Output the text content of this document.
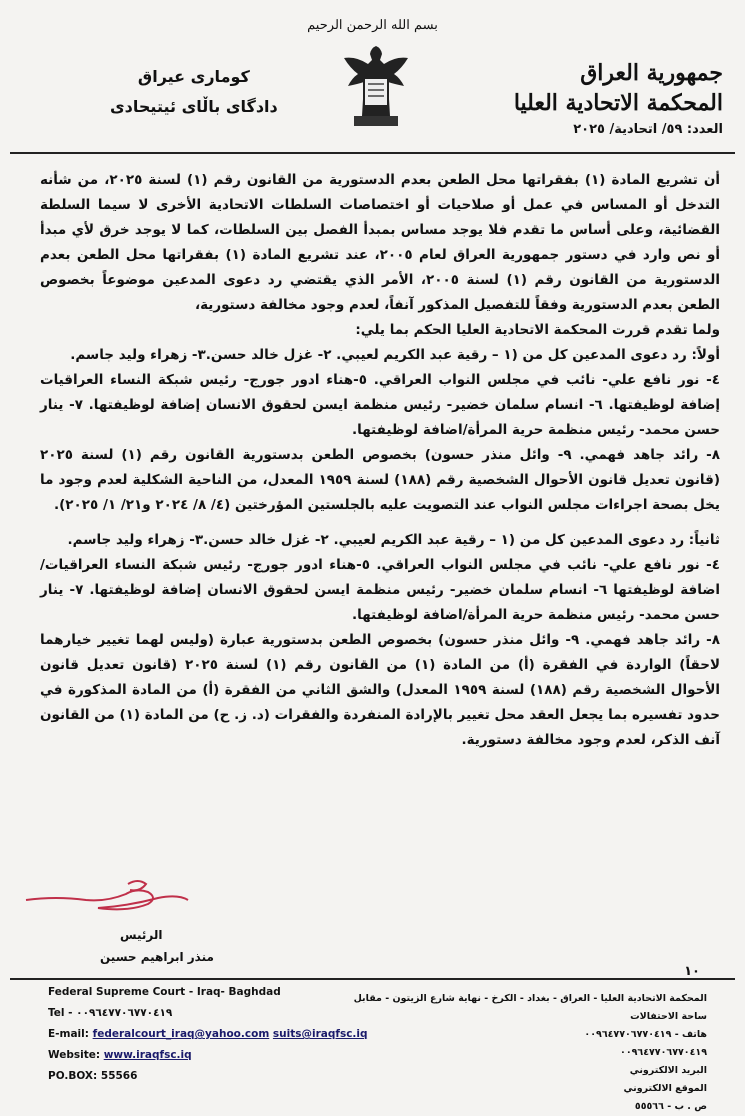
بسم الله الرحمن الرحيم
جمهورية العراق
المحكمة الاتحادية العليا
العدد: ٥٩/ اتحادية/ ٢٠٢٥
كومارى عيراق
دادگای باڵای ئیتیحادی

أن تشريع المادة (١) بفقراتها محل الطعن بعدم الدستورية من القانون رقم (١) لسنة ٢٠٢٥، من شأنه التدخل أو المساس في عمل أو صلاحيات أو اختصاصات السلطات الاتحادية الأخرى لا سيما السلطة القضائية، وعلى أساس ما تقدم فلا يوجد مساس بمبدأ الفصل بين السلطات، كما لا يوجد خرق لأي مبدأ أو نص وارد في دستور جمهورية العراق لعام ٢٠٠٥، عند تشريع المادة (١) بفقراتها محل الطعن بعدم الدستورية من القانون رقم (١) لسنة ٢٠٠٥، الأمر الذي يقتضي رد دعوى المدعين موضوعاً بخصوص الطعن بعدم الدستورية وفقاً للتفصيل المذكور آنفاً، لعدم وجود مخالفة دستورية،

ولما تقدم قررت المحكمة الاتحادية العليا الحكم بما يلي:

أولاً: رد دعوى المدعين كل من (١ – رقية عبد الكريم لعيبي. ٢- غزل خالد حسن.٣- زهراء وليد جاسم.

٤- نور نافع علي- نائب في مجلس النواب العراقي. ٥-هناء ادور جورج- رئيس شبكة النساء العراقيات إضافة لوظيفتها. ٦- انسام سلمان خضير- رئيس منظمة ايسن لحقوق الانسان إضافة لوظيفتها. ٧- ينار حسن محمد- رئيس منظمة حرية المرأة/اضافة لوظيفتها.

٨- رائد جاهد فهمي. ٩- وائل منذر حسون) بخصوص الطعن بدستورية القانون رقم (١) لسنة ٢٠٢٥ (قانون تعديل قانون الأحوال الشخصية رقم (١٨٨) لسنة ١٩٥٩ المعدل، من الناحية الشكلية لعدم وجود ما يخل بصحة اجراءات مجلس النواب عند التصويت عليه بالجلستين المؤرختين (٤/ ٨/ ٢٠٢٤ و٢١/ ١/ ٢٠٢٥).

ثانياً: رد دعوى المدعين كل من (١ – رقية عبد الكريم لعيبي. ٢- غزل خالد حسن.٣- زهراء وليد جاسم.

٤- نور نافع علي- نائب في مجلس النواب العراقي. ٥-هناء ادور جورج- رئيس شبكة النساء العراقيات/اضافة لوظيفتها ٦- انسام سلمان خضير- رئيس منظمة ايسن لحقوق الانسان إضافة لوظيفتها. ٧- ينار حسن محمد- رئيس منظمة حرية المرأة/اضافة لوظيفتها.

٨- رائد جاهد فهمي. ٩- وائل منذر حسون) بخصوص الطعن بدستورية عبارة (وليس لهما تغيير خيارهما لاحقاً) الواردة في الفقرة (أ) من المادة (١) من القانون رقم (١) لسنة ٢٠٢٥ (قانون تعديل قانون الأحوال الشخصية رقم (١٨٨) لسنة ١٩٥٩ المعدل) والشق الثاني من الفقرة (أ) من المادة المذكورة في حدود تفسيره بما يجعل العقد محل تغيير بالإرادة المنفردة والفقرات (د. ز. ح) من المادة (١) من القانون آنف الذكر، لعدم وجود مخالفة دستورية.

الرئيس
منذر ابراهيم حسين
١٠
Federal Supreme Court - Iraq- Baghdad
Tel - ٠٠٩٦٤٧٧٠٦٧٧٠٤١٩
E-mail: federalcourt_iraq@yahoo.com suits@iraqfsc.iq
Website: www.iraqfsc.iq
PO.BOX: 55566
المحكمة الاتحادية العليا - العراق - بغداد - الكرخ - نهاية شارع الزيتون - مقابل ساحة الاحتفالات
هاتف - ٠٠٩٦٤٧٧٠٦٧٧٠٤١٩
٠٠٩٦٤٧٧٠٦٧٧٠٤١٩
البريد الالكتروني
الموقع الالكتروني
ص . ب - ٥٥٥٦٦
